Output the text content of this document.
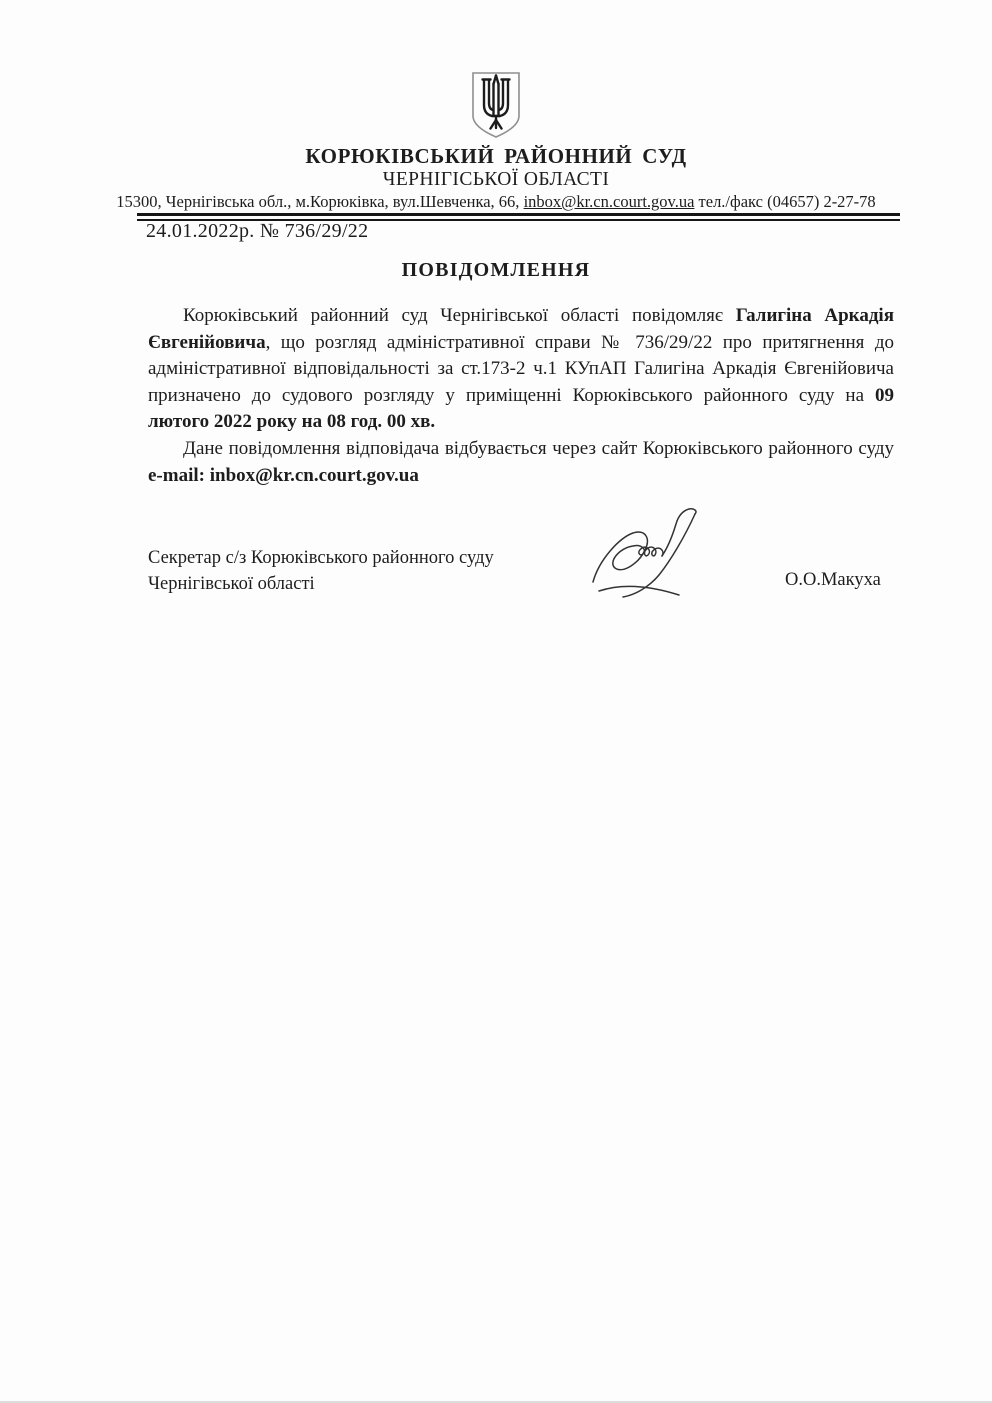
КОРЮКІВСЬКИЙ РАЙОННИЙ СУД
ЧЕРНІГІСЬКОЇ ОБЛАСТІ
15300, Чернігівська обл., м.Корюківка, вул.Шевченка, 66, inbox@kr.cn.court.gov.ua тел./факс (04657) 2-27-78
24.01.2022р. № 736/29/22
ПОВІДОМЛЕННЯ

Корюківський районний суд Чернігівської області повідомляє Галигіна Аркадія Євгенійовича, що розгляд адміністративної справи № 736/29/22 про притягнення до адміністративної відповідальності за ст.173-2 ч.1 КУпАП Галигіна Аркадія Євгенійовича призначено до судового розгляду у приміщенні Корюківського районного суду на 09 лютого 2022 року на 08 год. 00 хв.

Дане повідомлення відповідача відбувається через сайт Корюківського районного суду e-mail: inbox@kr.cn.court.gov.ua

Секретар с/з Корюківського районного суду
Чернігівської області	О.О.Макуха
